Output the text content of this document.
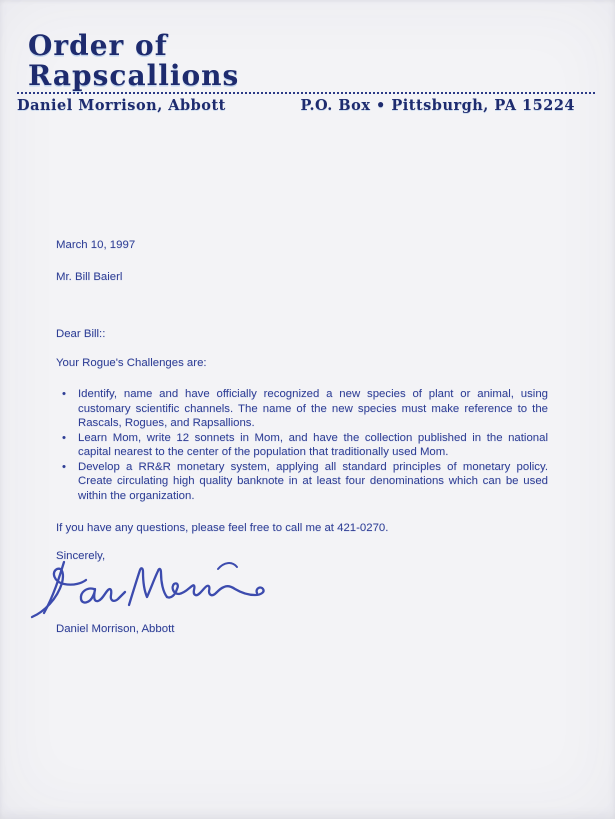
Order of
Rapscallions
Daniel Morrison, Abbott	P.O. Box • Pittsburgh, PA 15224

March 10, 1997

Mr. Bill Baierl

Dear Bill::

Your Rogue's Challenges are:

• Identify, name and have officially recognized a new species of plant or animal, using customary scientific channels. The name of the new species must make reference to the Rascals, Rogues, and Rapsallions.
• Learn Mom, write 12 sonnets in Mom, and have the collection published in the national capital nearest to the center of the population that traditionally used Mom.
• Develop a RR&R monetary system, applying all standard principles of monetary policy. Create circulating high quality banknote in at least four denominations which can be used within the organization.

If you have any questions, please feel free to call me at 421-0270.

Sincerely,

Daniel Morrison, Abbott
